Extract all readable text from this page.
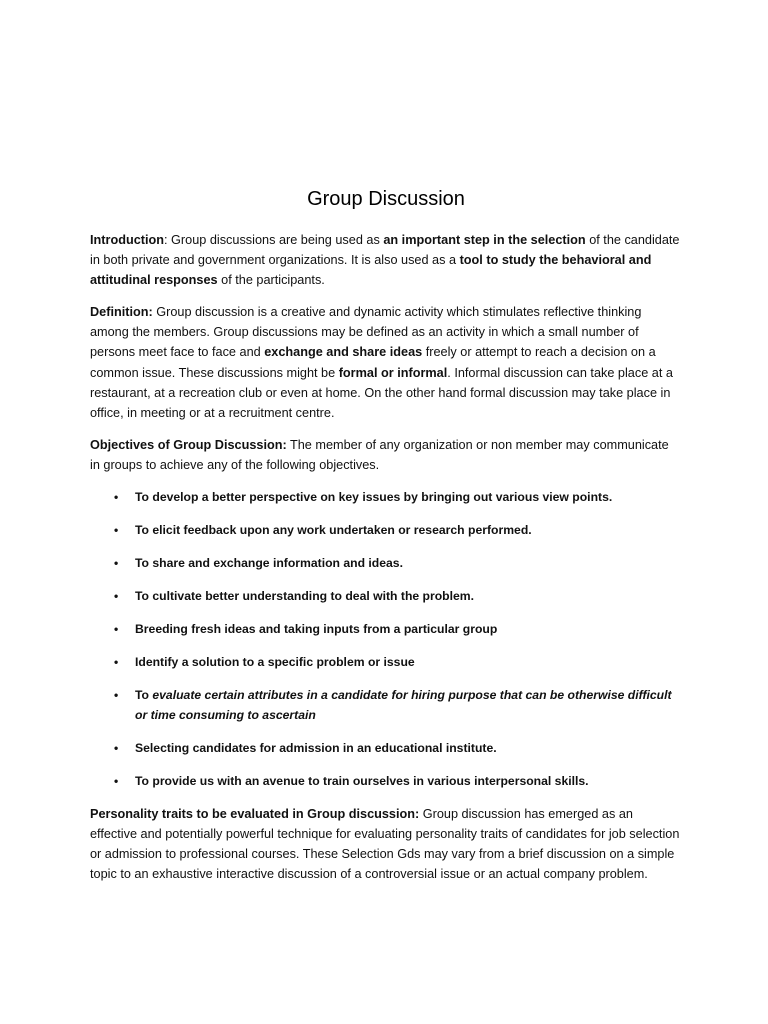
Group Discussion

Introduction: Group discussions are being used as an important step in the selection of the candidate in both private and government organizations. It is also used as a tool to study the behavioral and attitudinal responses of the participants.

Definition: Group discussion is a creative and dynamic activity which stimulates reflective thinking among the members. Group discussions may be defined as an activity in which a small number of persons meet face to face and exchange and share ideas freely or attempt to reach a decision on a common issue. These discussions might be formal or informal. Informal discussion can take place at a restaurant, at a recreation club or even at home. On the other hand formal discussion may take place in office, in meeting or at a recruitment centre.

Objectives of Group Discussion: The member of any organization or non member may communicate in groups to achieve any of the following objectives.

• To develop a better perspective on key issues by bringing out various view points.
• To elicit feedback upon any work undertaken or research performed.
• To share and exchange information and ideas.
• To cultivate better understanding to deal with the problem.
• Breeding fresh ideas and taking inputs from a particular group
• Identify a solution to a specific problem or issue
• To evaluate certain attributes in a candidate for hiring purpose that can be otherwise difficult or time consuming to ascertain
• Selecting candidates for admission in an educational institute.
• To provide us with an avenue to train ourselves in various interpersonal skills.

Personality traits to be evaluated in Group discussion: Group discussion has emerged as an effective and potentially powerful technique for evaluating personality traits of candidates for job selection or admission to professional courses. These Selection Gds may vary from a brief discussion on a simple topic to an exhaustive interactive discussion of a controversial issue or an actual company problem.
